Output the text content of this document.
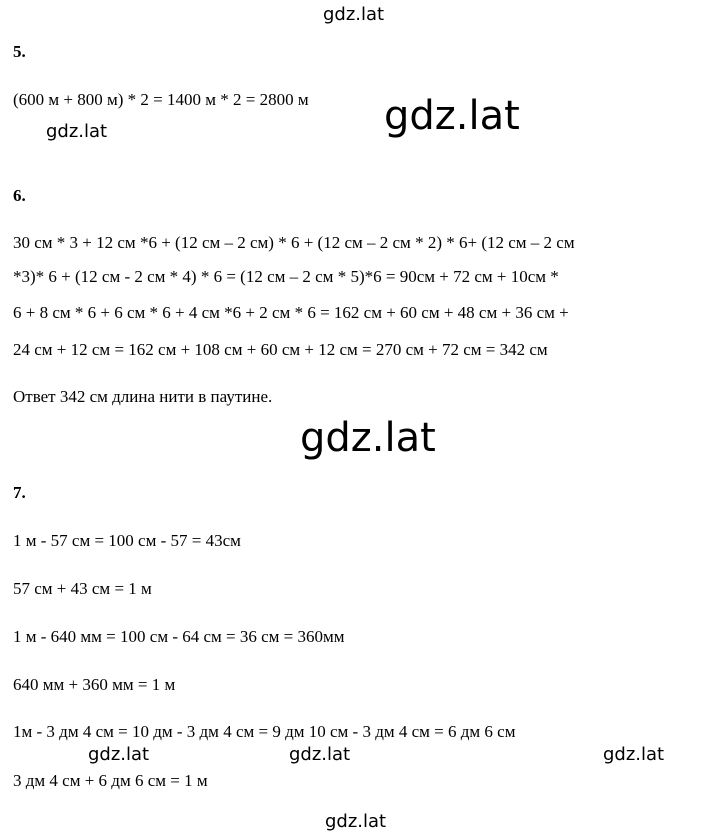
gdz.lat
gdz.lat	gdz.lat
gdz.lat
5.
(600 м + 800 м) * 2 = 1400 м * 2 = 2800 м
6.
30 см * 3 + 12 см *6 + (12 см – 2 см) * 6 + (12 см – 2 см * 2) * 6+ (12 см – 2 см
*3)* 6 + (12 см - 2 см * 4) * 6 = (12 см – 2 см * 5)*6 = 90см + 72 см + 10см *
6 + 8 см * 6 + 6 см * 6 + 4 см *6 + 2 см * 6 = 162 см + 60 см + 48 см + 36 см +
24 см + 12 см = 162 см + 108 см + 60 см + 12 см = 270 см + 72 см = 342 см
Ответ 342 см длина нити в паутине.
7.
1 м - 57 см = 100 см - 57 = 43см
57 см + 43 см = 1 м
1 м - 640 мм = 100 см - 64 см = 36 см = 360мм
640 мм + 360 мм = 1 м
1м - 3 дм 4 см = 10 дм - 3 дм 4 см = 9 дм 10 см - 3 дм 4 см = 6 дм 6 см
3 дм 4 см + 6 дм 6 см = 1 м
gdz.lat	gdz.lat	gdz.lat
gdz.lat
